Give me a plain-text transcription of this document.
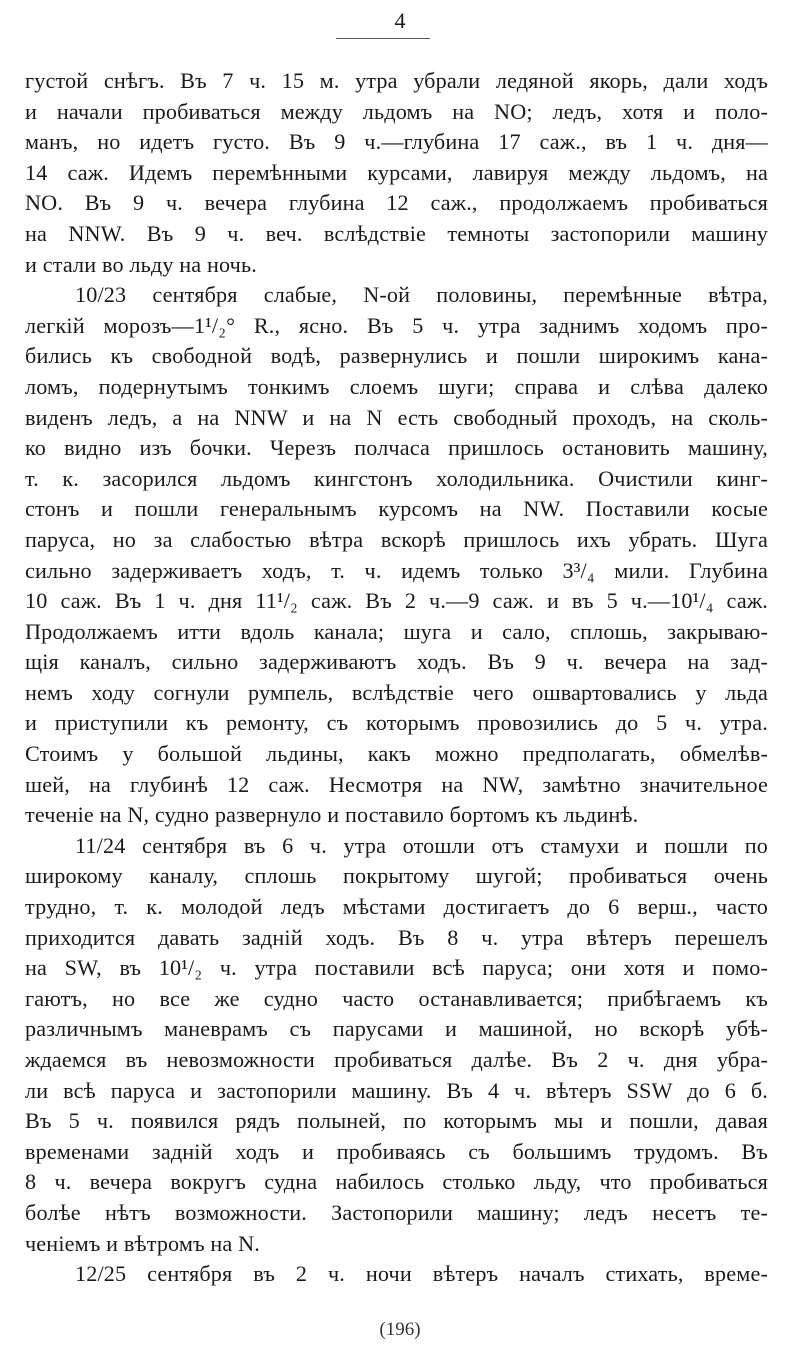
4
густой снѣгъ. Въ 7 ч. 15 м. утра убрали ледяной якорь, дали ходъ
и начали пробиваться между льдомъ на NO; ледъ, хотя и поло-
манъ, но идетъ густо. Въ 9 ч.—глубина 17 саж., въ 1 ч. дня—
14 саж. Идемъ перемѣнными курсами, лавируя между льдомъ, на
NO. Въ 9 ч. вечера глубина 12 саж., продолжаемъ пробиваться
на NNW. Въ 9 ч. веч. вслѣдствіе темноты застопорили машину
и стали во льду на ночь.
10/23 сентября слабые, N-ой половины, перемѣнные вѣтра,
легкій морозъ—1¹/₂° R., ясно. Въ 5 ч. утра заднимъ ходомъ про-
бились къ свободной водѣ, развернулись и пошли широкимъ кана-
ломъ, подернутымъ тонкимъ слоемъ шуги; справа и слѣва далеко
виденъ ледъ, а на NNW и на N есть свободный проходъ, на сколь-
ко видно изъ бочки. Черезъ полчаса пришлось остановить машину,
т. к. засорился льдомъ кингстонъ холодильника. Очистили кинг-
стонъ и пошли генеральнымъ курсомъ на NW. Поставили косые
паруса, но за слабостью вѣтра вскорѣ пришлось ихъ убрать. Шуга
сильно задерживаетъ ходъ, т. ч. идемъ только 3³/₄ мили. Глубина
10 саж. Въ 1 ч. дня 11¹/₂ саж. Въ 2 ч.—9 саж. и въ 5 ч.—10¹/₄ саж.
Продолжаемъ итти вдоль канала; шуга и сало, сплошь, закрываю-
щія каналъ, сильно задерживаютъ ходъ. Въ 9 ч. вечера на зад-
немъ ходу согнули румпель, вслѣдствіе чего ошвартовались у льда
и приступили къ ремонту, съ которымъ провозились до 5 ч. утра.
Стоимъ у большой льдины, какъ можно предполагать, обмелѣв-
шей, на глубинѣ 12 саж. Несмотря на NW, замѣтно значительное
теченіе на N, судно развернуло и поставило бортомъ къ льдинѣ.
11/24 сентября въ 6 ч. утра отошли отъ стамухи и пошли по
широкому каналу, сплошь покрытому шугой; пробиваться очень
трудно, т. к. молодой ледъ мѣстами достигаетъ до 6 верш., часто
приходится давать задній ходъ. Въ 8 ч. утра вѣтеръ перешелъ
на SW, въ 10¹/₂ ч. утра поставили всѣ паруса; они хотя и помо-
гаютъ, но все же судно часто останавливается; прибѣгаемъ къ
различнымъ маневрамъ съ парусами и машиной, но вскорѣ убѣ-
ждаемся въ невозможности пробиваться далѣе. Въ 2 ч. дня убра-
ли всѣ паруса и застопорили машину. Въ 4 ч. вѣтеръ SSW до 6 б.
Въ 5 ч. появился рядъ полыней, по которымъ мы и пошли, давая
временами задній ходъ и пробиваясь съ большимъ трудомъ. Въ
8 ч. вечера вокругъ судна набилось столько льду, что пробиваться
болѣе нѣтъ возможности. Застопорили машину; ледъ несетъ те-
ченіемъ и вѣтромъ на N.
12/25 сентября въ 2 ч. ночи вѣтеръ началъ стихать, време-
(196)
